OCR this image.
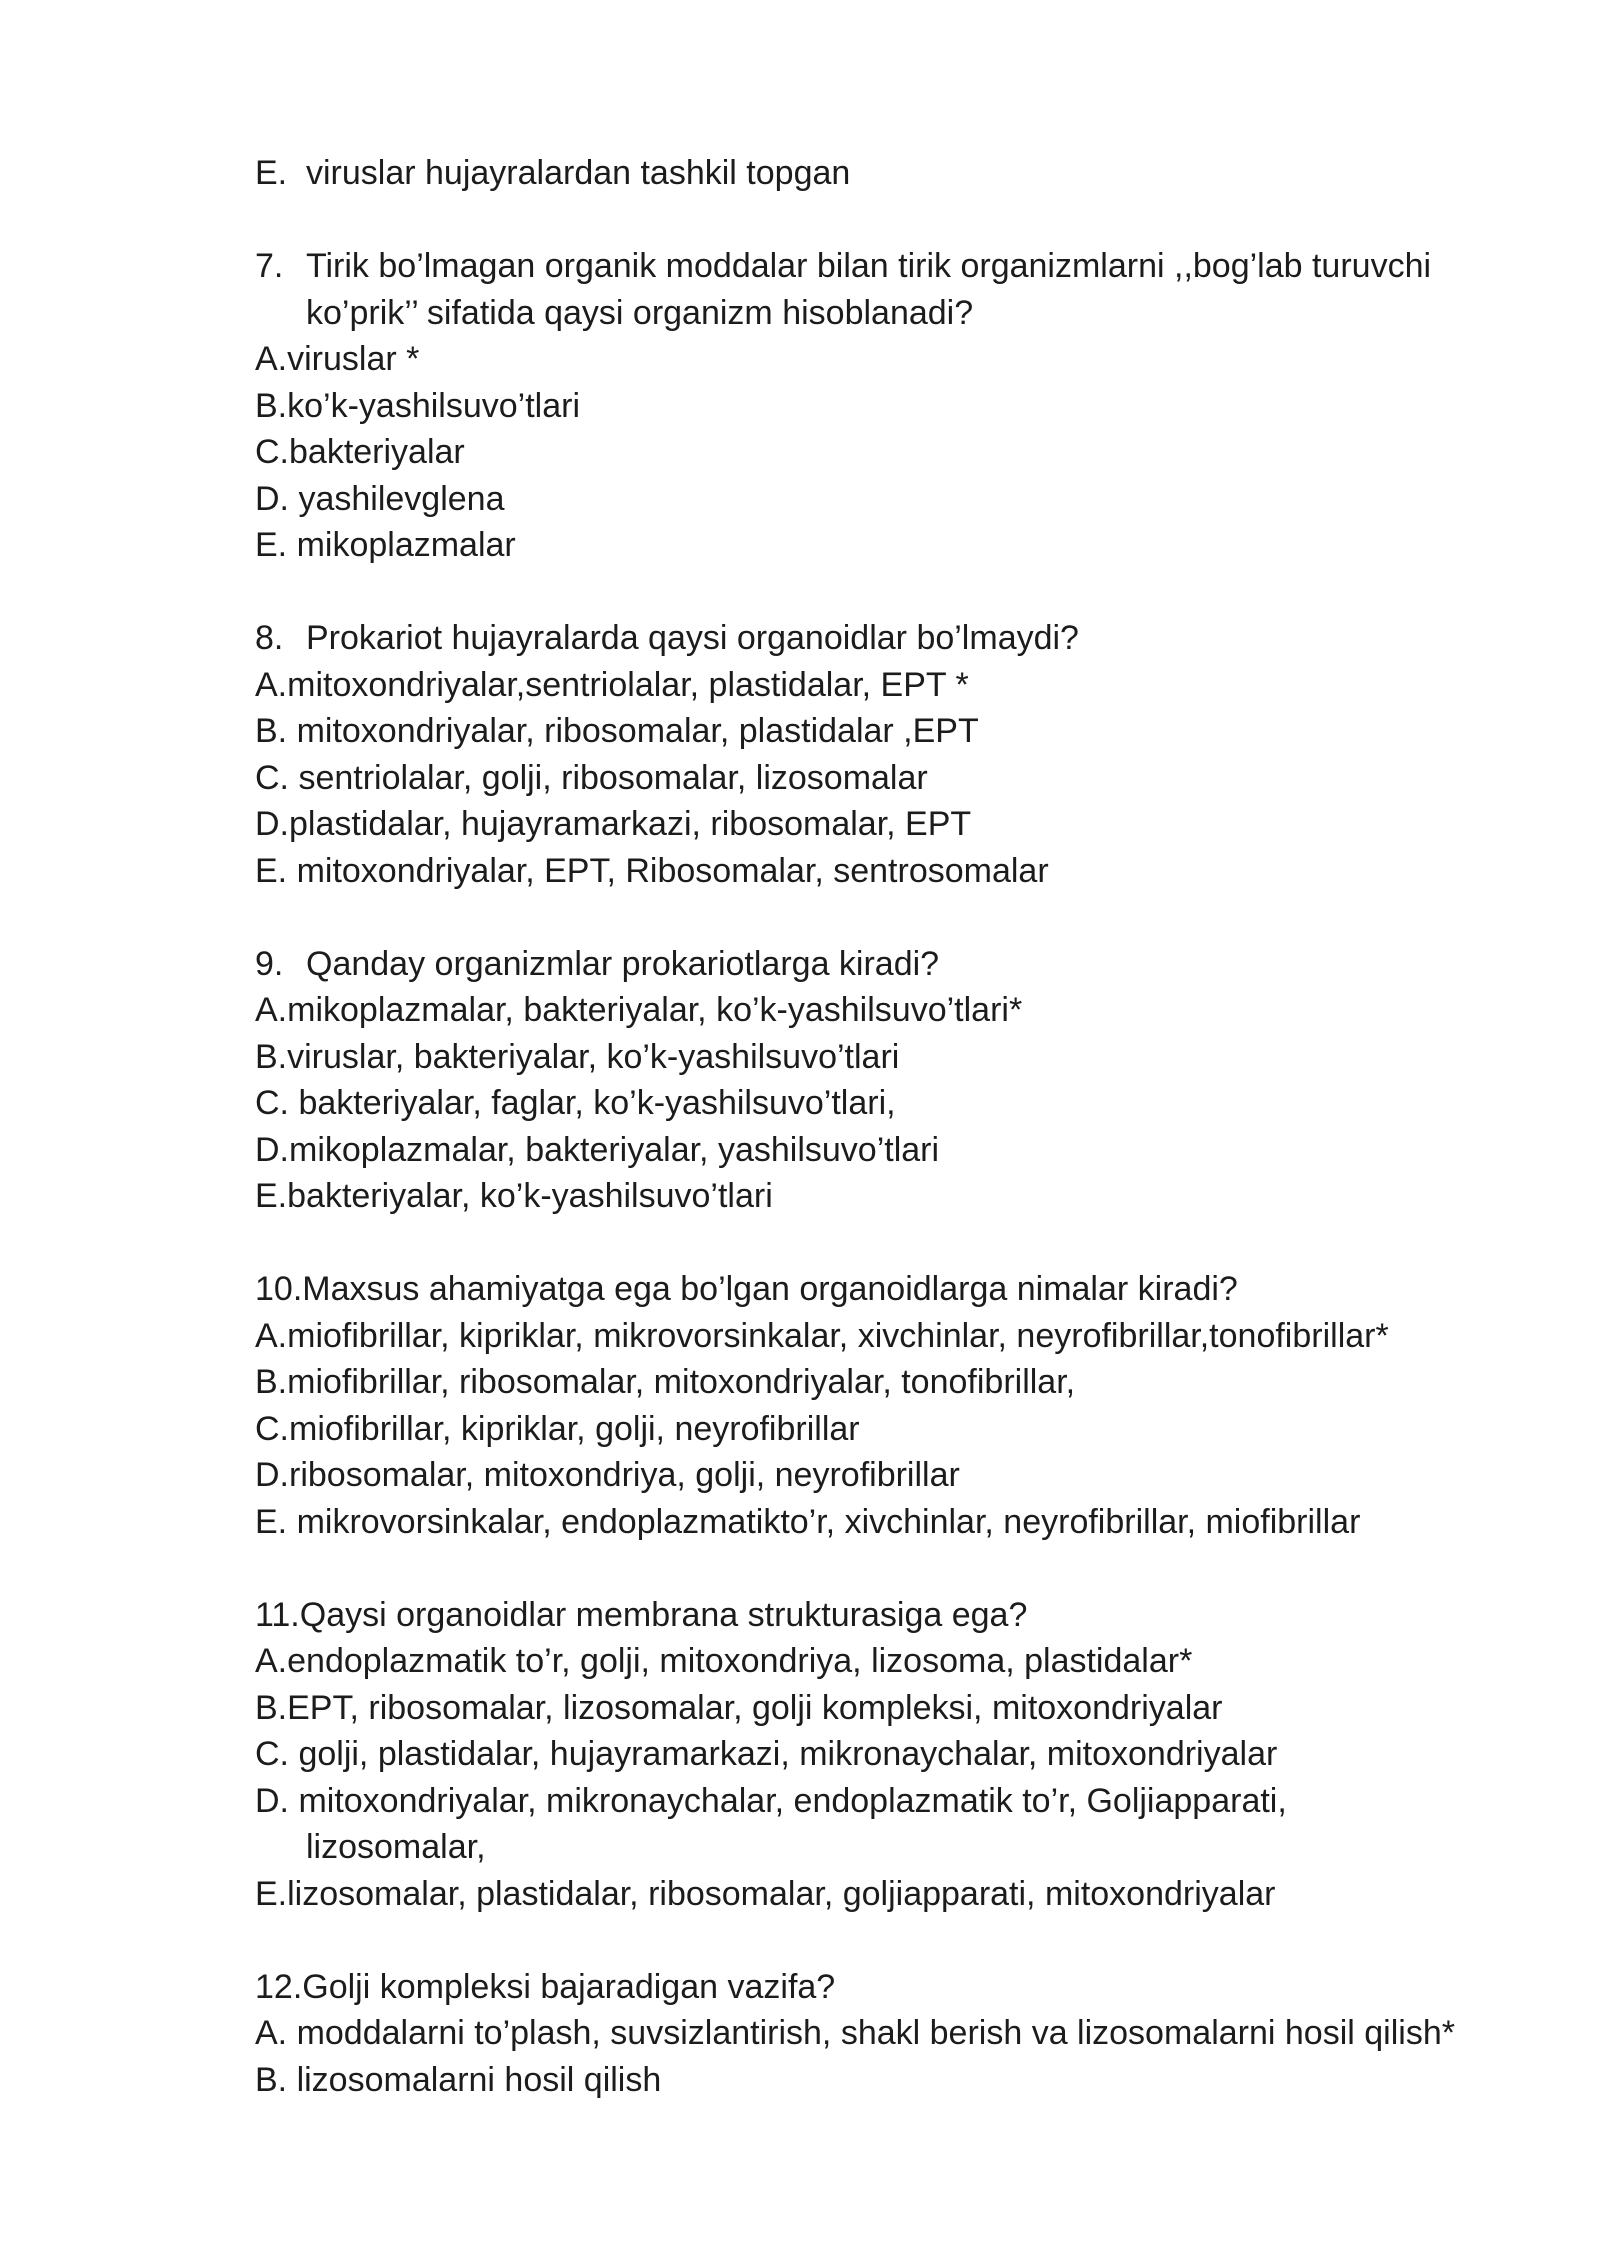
E. viruslar hujayralardan tashkil topgan
7. Tirik bo’lmagan organik moddalar bilan tirik organizmlarni ,,bog’lab turuvchi ko’prik’’ sifatida qaysi organizm hisoblanadi?

A.viruslar *

B.ko’k-yashilsuvo’tlari

C.bakteriyalar

D. yashilevglena

E. mikoplazmalar

8. Prokariot hujayralarda qaysi organoidlar bo’lmaydi?

A.mitoxondriyalar,sentriolalar, plastidalar, EPT *

B. mitoxondriyalar, ribosomalar, plastidalar ,EPT

C. sentriolalar, golji, ribosomalar, lizosomalar

D.plastidalar, hujayramarkazi, ribosomalar, EPT

E. mitoxondriyalar, EPT, Ribosomalar, sentrosomalar

9. Qanday organizmlar prokariotlarga kiradi?

A.mikoplazmalar, bakteriyalar, ko’k-yashilsuvo’tlari*

B.viruslar, bakteriyalar, ko’k-yashilsuvo’tlari

C. bakteriyalar, faglar, ko’k-yashilsuvo’tlari,

D.mikoplazmalar, bakteriyalar, yashilsuvo’tlari

E.bakteriyalar, ko’k-yashilsuvo’tlari

10.Maxsus ahamiyatga ega bo’lgan organoidlarga nimalar kiradi?

A.miofibrillar, kipriklar, mikrovorsinkalar, xivchinlar, neyrofibrillar,tonofibrillar*

B.miofibrillar, ribosomalar, mitoxondriyalar, tonofibrillar,

C.miofibrillar, kipriklar, golji, neyrofibrillar

D.ribosomalar, mitoxondriya, golji, neyrofibrillar

E. mikrovorsinkalar, endoplazmatikto’r, xivchinlar, neyrofibrillar, miofibrillar

11.Qaysi organoidlar membrana strukturasiga ega?

A.endoplazmatik to’r, golji, mitoxondriya, lizosoma, plastidalar*

B.EPT, ribosomalar, lizosomalar, golji kompleksi, mitoxondriyalar

C. golji, plastidalar, hujayramarkazi, mikronaychalar, mitoxondriyalar

D. mitoxondriyalar, mikronaychalar, endoplazmatik to’r, Goljiapparati, lizosomalar,

E.lizosomalar, plastidalar, ribosomalar, goljiapparati, mitoxondriyalar

12.Golji kompleksi bajaradigan vazifa?

A. moddalarni to’plash, suvsizlantirish, shakl berish va lizosomalarni hosil qilish*

B. lizosomalarni hosil qilish
